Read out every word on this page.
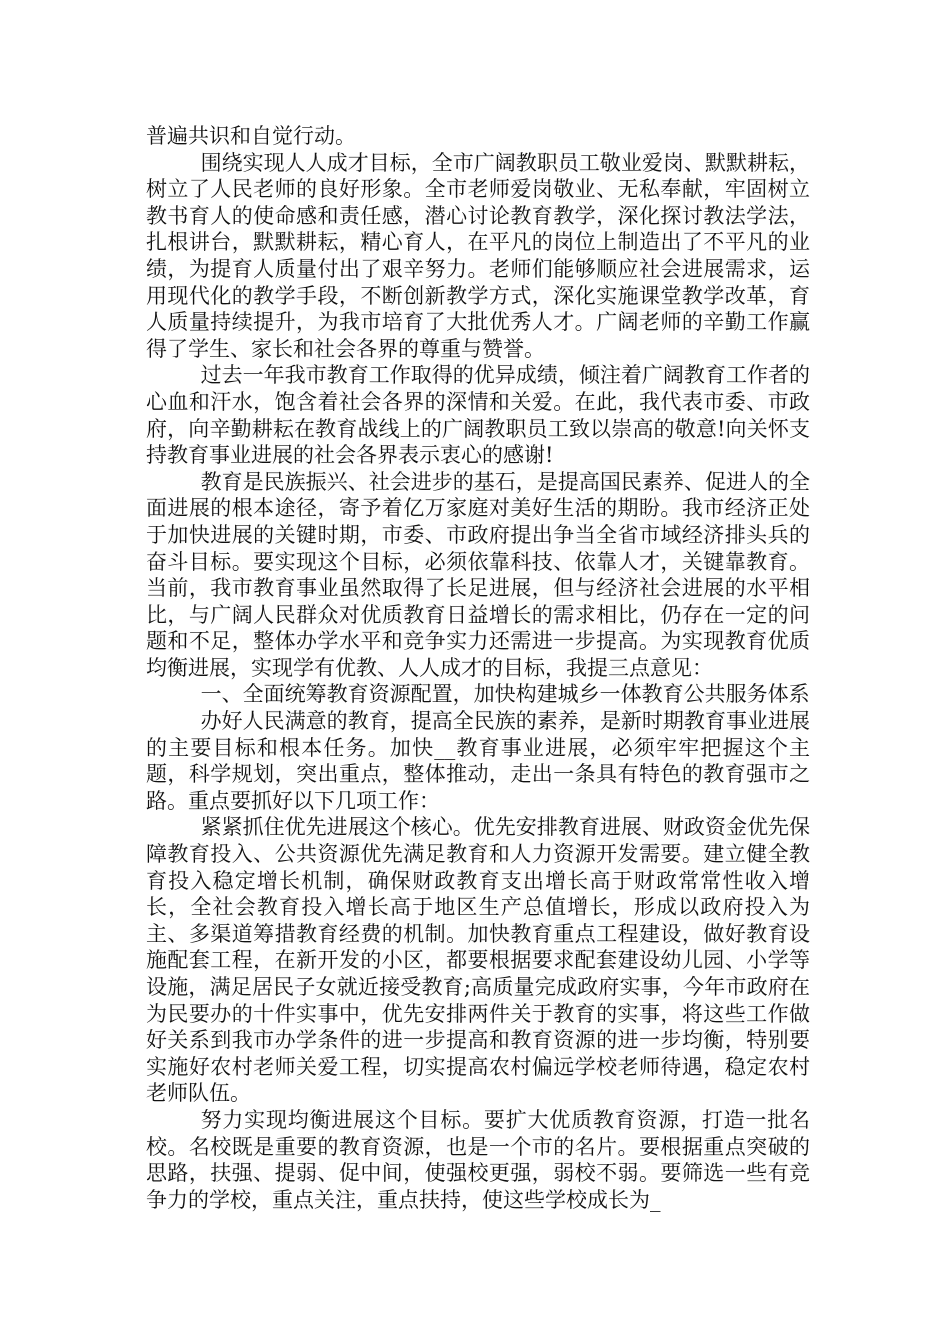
普遍共识和自觉行动。

围绕实现人人成才目标，全市广阔教职员工敬业爱岗、默默耕耘，树立了人民老师的良好形象。全市老师爱岗敬业、无私奉献，牢固树立教书育人的使命感和责任感，潜心讨论教育教学，深化探讨教法学法，扎根讲台，默默耕耘，精心育人，在平凡的岗位上制造出了不平凡的业绩，为提育人质量付出了艰辛努力。老师们能够顺应社会进展需求，运用现代化的教学手段，不断创新教学方式，深化实施课堂教学改革，育人质量持续提升，为我市培育了大批优秀人才。广阔老师的辛勤工作赢得了学生、家长和社会各界的尊重与赞誉。

过去一年我市教育工作取得的优异成绩，倾注着广阔教育工作者的心血和汗水，饱含着社会各界的深情和关爱。在此，我代表市委、市政府，向辛勤耕耘在教育战线上的广阔教职员工致以崇高的敬意!向关怀支持教育事业进展的社会各界表示衷心的感谢!

教育是民族振兴、社会进步的基石，是提高国民素养、促进人的全面进展的根本途径，寄予着亿万家庭对美好生活的期盼。我市经济正处于加快进展的关键时期，市委、市政府提出争当全省市域经济排头兵的奋斗目标。要实现这个目标，必须依靠科技、依靠人才，关键靠教育。当前，我市教育事业虽然取得了长足进展，但与经济社会进展的水平相比，与广阔人民群众对优质教育日益增长的需求相比，仍存在一定的问题和不足，整体办学水平和竞争实力还需进一步提高。为实现教育优质均衡进展，实现学有优教、人人成才的目标，我提三点意见：

一、全面统筹教育资源配置，加快构建城乡一体教育公共服务体系

办好人民满意的教育，提高全民族的素养，是新时期教育事业进展的主要目标和根本任务。加快__教育事业进展，必须牢牢把握这个主题，科学规划，突出重点，整体推动，走出一条具有特色的教育强市之路。重点要抓好以下几项工作：

紧紧抓住优先进展这个核心。优先安排教育进展、财政资金优先保障教育投入、公共资源优先满足教育和人力资源开发需要。建立健全教育投入稳定增长机制，确保财政教育支出增长高于财政常常性收入增长，全社会教育投入增长高于地区生产总值增长，形成以政府投入为主、多渠道筹措教育经费的机制。加快教育重点工程建设，做好教育设施配套工程，在新开发的小区，都要根据要求配套建设幼儿园、小学等设施，满足居民子女就近接受教育;高质量完成政府实事，今年市政府在为民要办的十件实事中，优先安排两件关于教育的实事，将这些工作做好关系到我市办学条件的进一步提高和教育资源的进一步均衡，特别要实施好农村老师关爱工程，切实提高农村偏远学校老师待遇，稳定农村老师队伍。

努力实现均衡进展这个目标。要扩大优质教育资源，打造一批名校。名校既是重要的教育资源，也是一个市的名片。要根据重点突破的思路，扶强、提弱、促中间，使强校更强，弱校不弱。要筛选一些有竞争力的学校，重点关注，重点扶持，使这些学校成长为_
